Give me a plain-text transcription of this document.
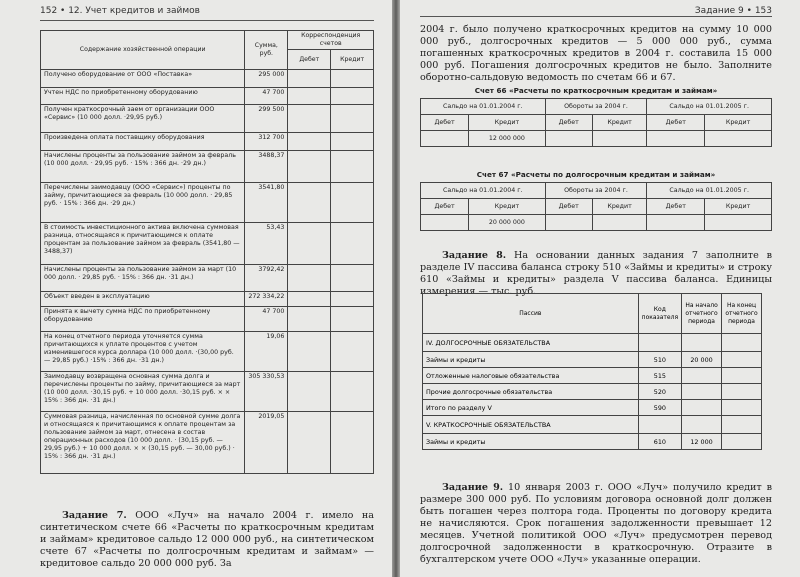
152 • 12. Учет кредитов и займов
Содержание хозяйственной операции	Сумма, руб.	Корреспонденция счетов	
		Дебет	Кредит
Получено оборудование от ООО «Поставка»	295 000		
Учтен НДС по приобретенному оборудованию	47 700		
Получен краткосрочный заем от организации ООО «Сервис» (10 000 долл. ·29,95 руб.)	299 500		
Произведена оплата поставщику оборудования	312 700		
Начислены проценты за пользование займом за февраль (10 000 долл. · 29,95 руб. · 15% : 366 дн. ·29 дн.)	3488,37		
Перечислены заимодавцу (ООО «Сервис») проценты по займу, причитающиеся за февраль (10 000 долл. · 29,85 руб. · 15% : 366 дн. ·29 дн.)	3541,80		
В стоимость инвестиционного актива включена суммовая разница, относящаяся к причитающимся к оплате процентам за пользование займом за февраль (3541,80 — 3488,37)	53,43		
Начислены проценты за пользование займом за март (10 000 долл. · 29,85 руб. · 15% : 366 дн. ·31 дн.)	3792,42		
Объект введен в эксплуатацию	272 334,22		
Принята к вычету сумма НДС по приобретенному оборудованию	47 700		
На конец отчетного периода уточняется сумма причитающихся к уплате процентов с учетом изменившегося курса доллара (10 000 долл. ·(30,00 руб. — 29,85 руб.) ·15% : 366 дн. ·31 дн.)	19,06		
Заимодавцу возвращена основная сумма долга и перечислены проценты по займу, причитающиеся за март (10 000 долл. ·30,15 руб. + 10 000 долл. ·30,15 руб. × × 15% : 366 дн. ·31 дн.)	305 330,53		
Суммовая разница, начисленная по основной сумме долга и относящаяся к причитающимся к оплате процентам за пользование займом за март, отнесена в состав операционных расходов (10 000 долл. · (30,15 руб. — 29,95 руб.) + 10 000 долл. × × (30,15 руб. — 30,00 руб.) · 15% : 366 дн. ·31 дн.)	2019,05		
Задание 7. ООО «Луч» на начало 2004 г. имело на синтетическом счете 66 «Расчеты по краткосрочным кредитам и займам» кредитовое сальдо 12 000 000 руб., на синтетическом счете 67 «Расчеты по долгосрочным кредитам и займам» — кредитовое сальдо 20 000 000 руб. За
Задание 9 • 153
2004 г. было получено краткосрочных кредитов на сумму 10 000 000 руб., долгосрочных кредитов — 5 000 000 руб., сумма погашенных краткосрочных кредитов в 2004 г. составила 15 000 000 руб. Погашения долгосрочных кредитов не было. Заполните оборотно-сальдовую ведомость по счетам 66 и 67.
Счет 66 «Расчеты по краткосрочным кредитам и займам»
Сальдо на 01.01.2004 г.		Обороты за 2004 г.		Сальдо на 01.01.2005 г.	
Дебет	Кредит	Дебет	Кредит	Дебет	Кредит
	12 000 000				
Счет 67 «Расчеты по долгосрочным кредитам и займам»
Сальдо на 01.01.2004 г.		Обороты за 2004 г.		Сальдо на 01.01.2005 г.	
Дебет	Кредит	Дебет	Кредит	Дебет	Кредит
	20 000 000				
Задание 8. На основании данных задания 7 заполните в разделе IV пассива баланса строку 510 «Займы и кредиты» и строку 610 «Займы и кредиты» раздела V пассива баланса. Единицы измерения — тыс. руб.
Пассив	Код показателя	На начало отчетного периода	На конец отчетного периода
IV. ДОЛГОСРОЧНЫЕ ОБЯЗАТЕЛЬСТВА			
Займы и кредиты	510	20 000	
Отложенные налоговые обязательства	515		
Прочие долгосрочные обязательства	520		
Итого по разделу V	590		
V. КРАТКОСРОЧНЫЕ ОБЯЗАТЕЛЬСТВА			
Займы и кредиты	610	12 000	
Задание 9. 10 января 2003 г. ООО «Луч» получило кредит в размере 300 000 руб. По условиям договора основной долг должен быть погашен через полтора года. Проценты по договору кредита не начисляются. Срок погашения задолженности превышает 12 месяцев. Учетной политикой ООО «Луч» предусмотрен перевод долгосрочной задолженности в краткосрочную. Отразите в бухгалтерском учете ООО «Луч» указанные операции.
